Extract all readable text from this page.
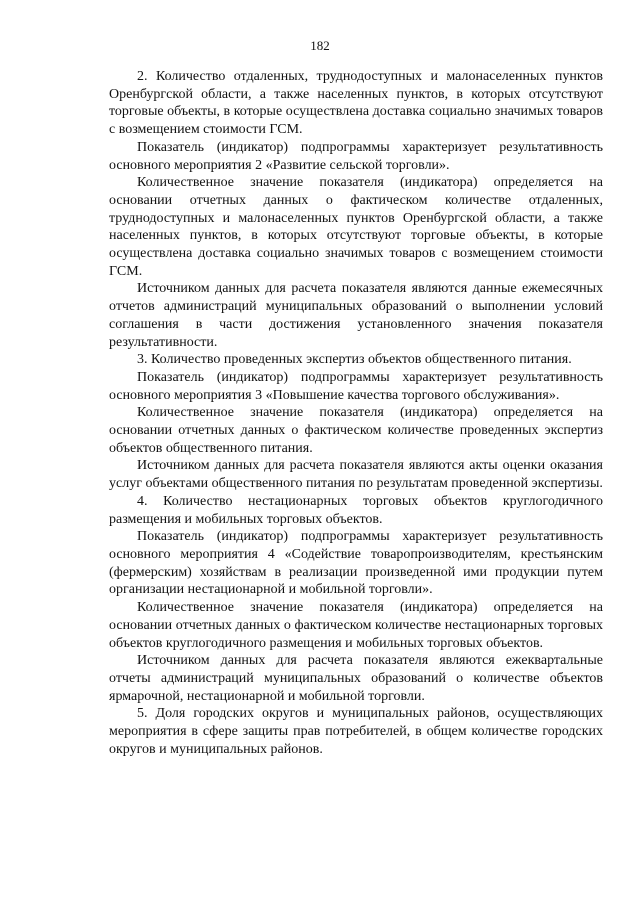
182

2. Количество отдаленных, труднодоступных и малонаселенных пунктов Оренбургской области, а также населенных пунктов, в которых отсутствуют торговые объекты, в которые осуществлена доставка социально значимых товаров с возмещением стоимости ГСМ.

Показатель (индикатор) подпрограммы характеризует результативность основного мероприятия 2 «Развитие сельской торговли».

Количественное значение показателя (индикатора) определяется на основании отчетных данных о фактическом количестве отдаленных, труднодоступных и малонаселенных пунктов Оренбургской области, а также населенных пунктов, в которых отсутствуют торговые объекты, в которые осуществлена доставка социально значимых товаров с возмещением стоимости ГСМ.

Источником данных для расчета показателя являются данные ежемесячных отчетов администраций муниципальных образований о выполнении условий соглашения в части достижения установленного значения показателя результативности.

3. Количество проведенных экспертиз объектов общественного питания.

Показатель (индикатор) подпрограммы характеризует результативность основного мероприятия 3 «Повышение качества торгового обслуживания».

Количественное значение показателя (индикатора) определяется на основании отчетных данных о фактическом количестве проведенных экспертиз объектов общественного питания.

Источником данных для расчета показателя являются акты оценки оказания услуг объектами общественного питания по результатам проведенной экспертизы.

4. Количество нестационарных торговых объектов круглогодичного размещения и мобильных торговых объектов.

Показатель (индикатор) подпрограммы характеризует результативность основного мероприятия 4 «Содействие товаропроизводителям, крестьянским (фермерским) хозяйствам в реализации произведенной ими продукции путем организации нестационарной и мобильной торговли».

Количественное значение показателя (индикатора) определяется на основании отчетных данных о фактическом количестве нестационарных торговых объектов круглогодичного размещения и мобильных торговых объектов.

Источником данных для расчета показателя являются ежеквартальные отчеты администраций муниципальных образований о количестве объектов ярмарочной, нестационарной и мобильной торговли.

5. Доля городских округов и муниципальных районов, осуществляющих мероприятия в сфере защиты прав потребителей, в общем количестве городских округов и муниципальных районов.
